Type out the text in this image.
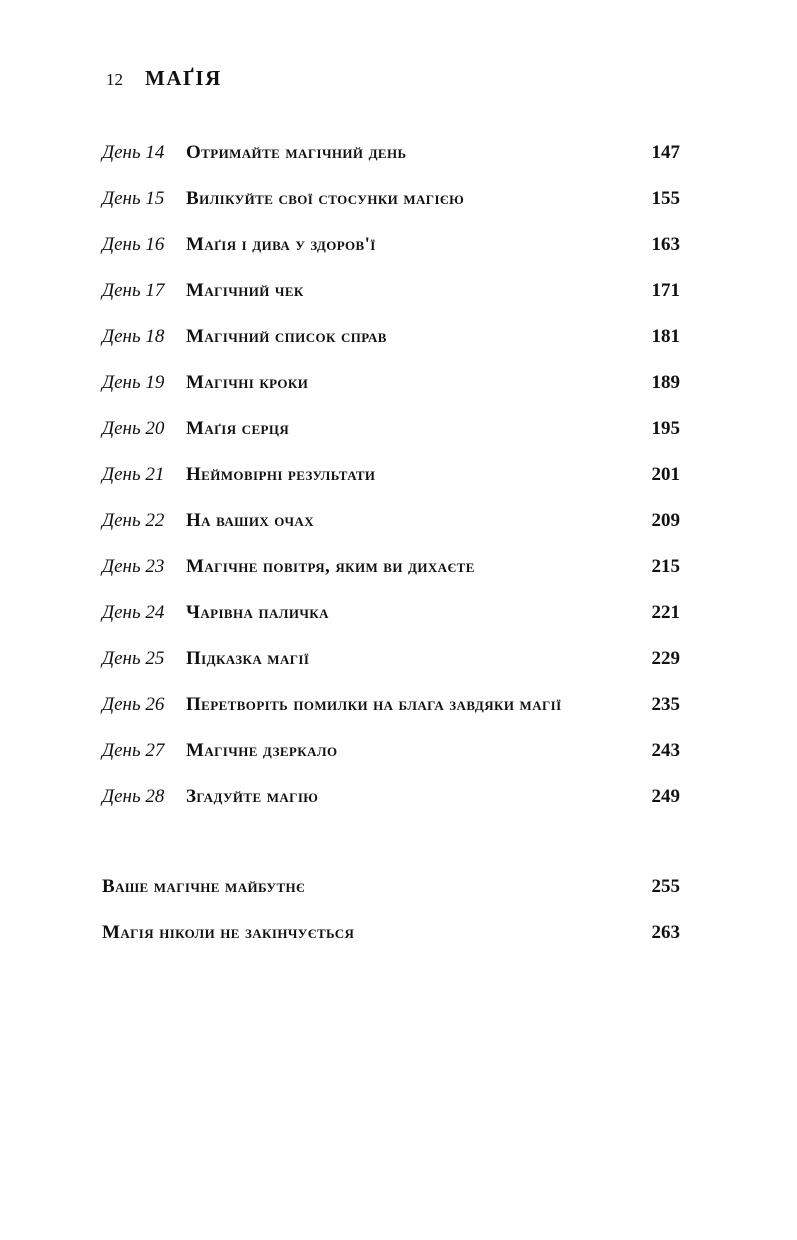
12 МАҐІЯ
День 14	Отримайте магічний день	147
День 15	Вилікуйте свої стосунки магією	155
День 16	Маґія і дива у здоров'ї	163
День 17	Магічний чек	171
День 18	Магічний список справ	181
День 19	Магічні кроки	189
День 20	Маґія серця	195
День 21	Неймовірні результати	201
День 22	На ваших очах	209
День 23	Магічне повітря, яким ви дихаєте	215
День 24	Чарівна паличка	221
День 25	Підказка магії	229
День 26	Перетворіть помилки на блага завдяки магії	235
День 27	Магічне дзеркало	243
День 28	Згадуйте магію	249
Ваше магічне майбутнє	255
Магія ніколи не закінчується	263
